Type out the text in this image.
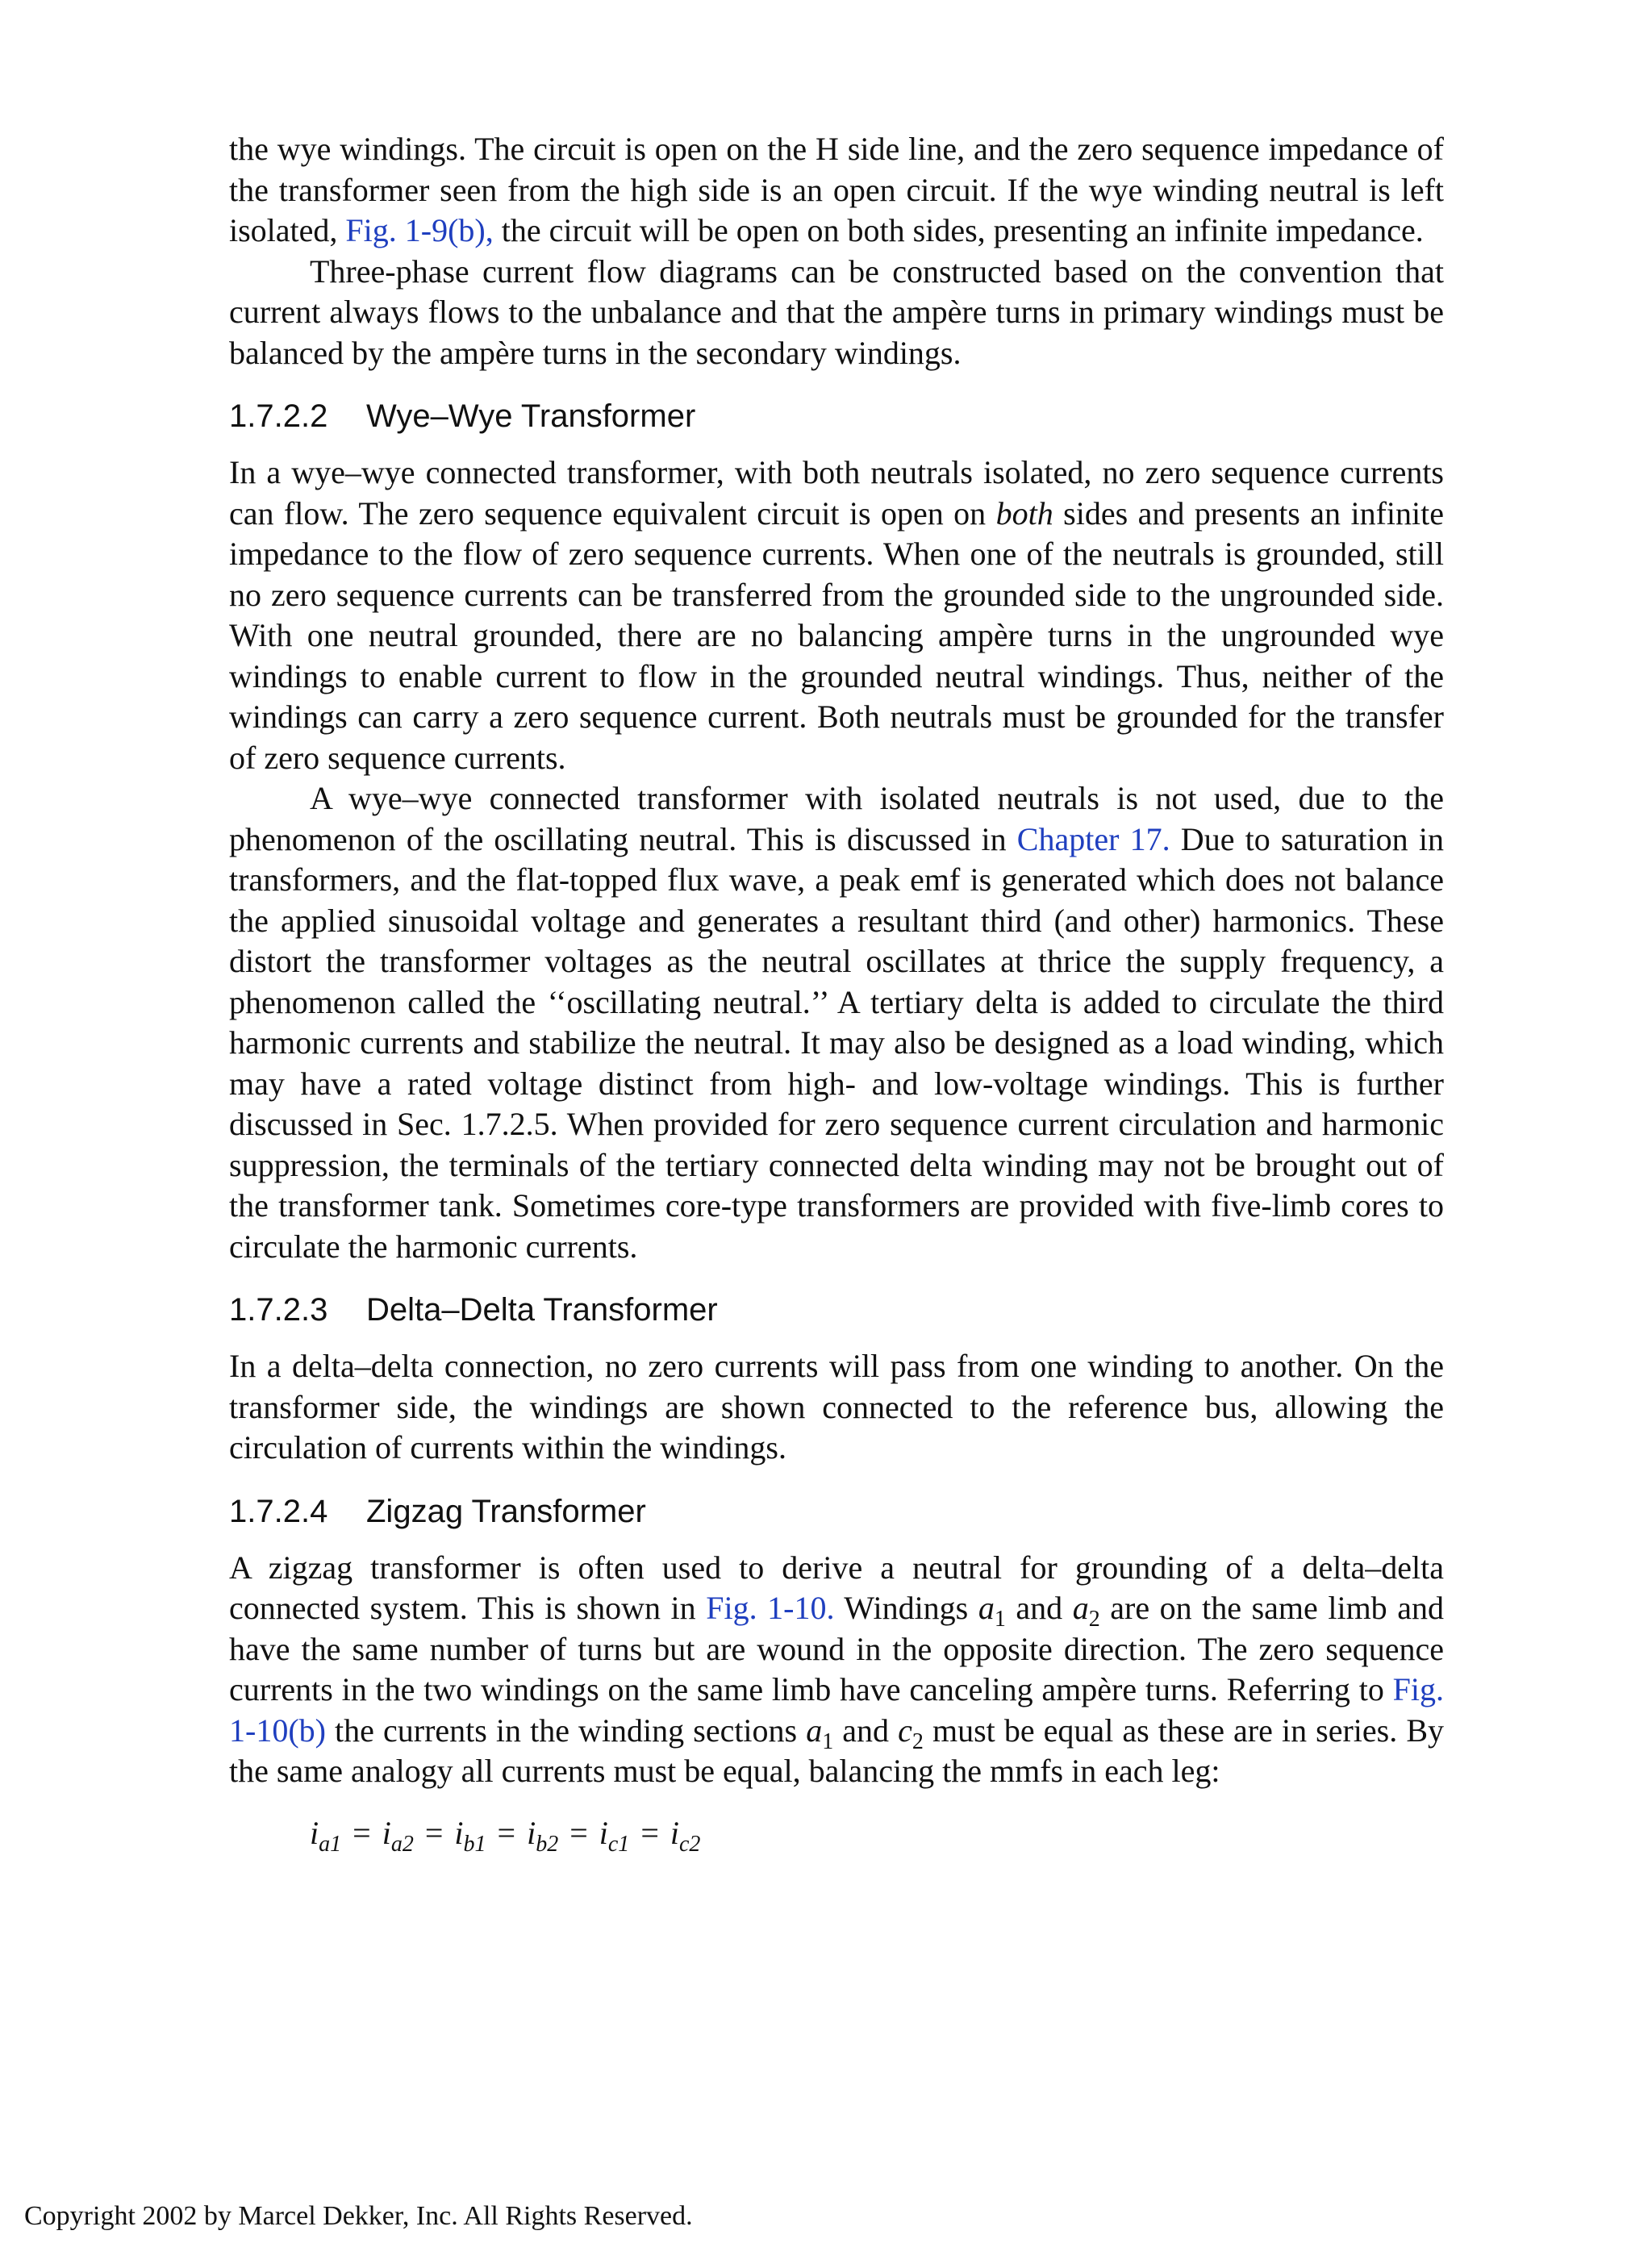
the wye windings. The circuit is open on the H side line, and the zero sequence impedance of the transformer seen from the high side is an open circuit. If the wye winding neutral is left isolated, Fig. 1-9(b), the circuit will be open on both sides, presenting an infinite impedance.

Three-phase current flow diagrams can be constructed based on the convention that current always flows to the unbalance and that the ampère turns in primary windings must be balanced by the ampère turns in the secondary windings.

1.7.2.2 Wye–Wye Transformer

In a wye–wye connected transformer, with both neutrals isolated, no zero sequence currents can flow. The zero sequence equivalent circuit is open on both sides and presents an infinite impedance to the flow of zero sequence currents. When one of the neutrals is grounded, still no zero sequence currents can be transferred from the grounded side to the ungrounded side. With one neutral grounded, there are no balancing ampère turns in the ungrounded wye windings to enable current to flow in the grounded neutral windings. Thus, neither of the windings can carry a zero sequence current. Both neutrals must be grounded for the transfer of zero sequence currents.

A wye–wye connected transformer with isolated neutrals is not used, due to the phenomenon of the oscillating neutral. This is discussed in Chapter 17. Due to saturation in transformers, and the flat-topped flux wave, a peak emf is generated which does not balance the applied sinusoidal voltage and generates a resultant third (and other) harmonics. These distort the transformer voltages as the neutral oscillates at thrice the supply frequency, a phenomenon called the ‘‘oscillating neutral.’’ A tertiary delta is added to circulate the third harmonic currents and stabilize the neutral. It may also be designed as a load winding, which may have a rated voltage distinct from high- and low-voltage windings. This is further discussed in Sec. 1.7.2.5. When provided for zero sequence current circulation and harmonic suppression, the terminals of the tertiary connected delta winding may not be brought out of the transformer tank. Sometimes core-type transformers are provided with five-limb cores to circulate the harmonic currents.

1.7.2.3 Delta–Delta Transformer

In a delta–delta connection, no zero currents will pass from one winding to another. On the transformer side, the windings are shown connected to the reference bus, allowing the circulation of currents within the windings.

1.7.2.4 Zigzag Transformer

A zigzag transformer is often used to derive a neutral for grounding of a delta–delta connected system. This is shown in Fig. 1-10. Windings $a_1$ and $a_2$ are on the same limb and have the same number of turns but are wound in the opposite direction. The zero sequence currents in the two windings on the same limb have canceling ampère turns. Referring to Fig. 1-10(b) the currents in the winding sections $a_1$ and $c_2$ must be equal as these are in series. By the same analogy all currents must be equal, balancing the mmfs in each leg:

$i_{a1} = i_{a2} = i_{b1} = i_{b2} = i_{c1} = i_{c2}$

Copyright 2002 by Marcel Dekker, Inc. All Rights Reserved.
